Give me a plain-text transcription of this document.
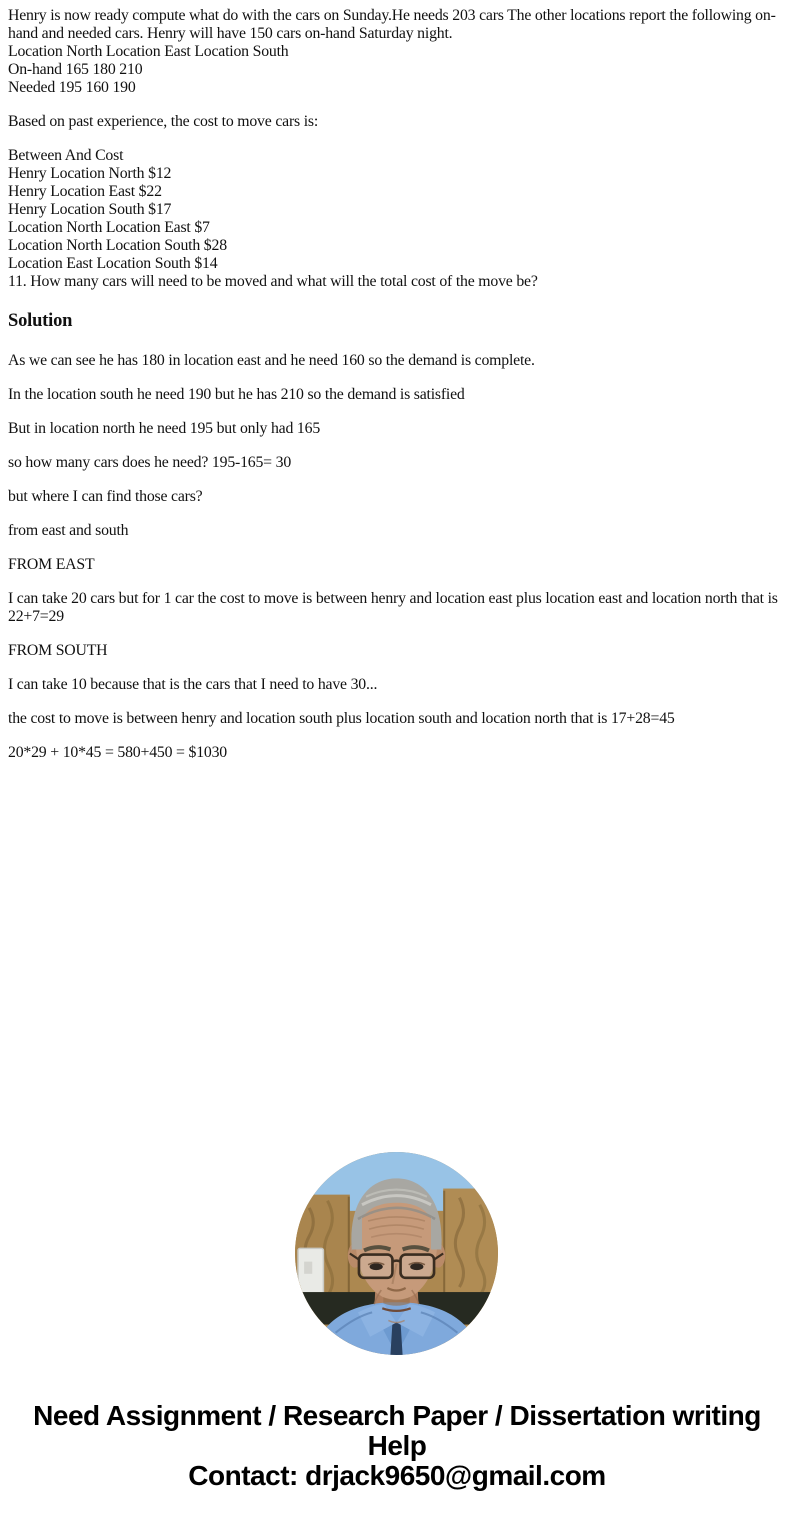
Henry is now ready compute what do with the cars on Sunday.He needs 203 cars The other locations report the following on-hand and needed cars. Henry will have 150 cars on-hand Saturday night.
Location North Location East Location South
On-hand 165 180 210
Needed 195 160 190
Based on past experience, the cost to move cars is:
Between And Cost
Henry Location North $12
Henry Location East $22
Henry Location South $17
Location North Location East $7
Location North Location South $28
Location East Location South $14
11. How many cars will need to be moved and what will the total cost of the move be?
Solution
As we can see he has 180 in location east and he need 160 so the demand is complete.
In the location south he need 190 but he has 210 so the demand is satisfied
But in location north he need 195 but only had 165
so how many cars does he need? 195-165= 30
but where I can find those cars?
from east and south
FROM EAST
I can take 20 cars but for 1 car the cost to move is between henry and location east plus location east and location north that is 22+7=29
FROM SOUTH
I can take 10 because that is the cars that I need to have 30...
the cost to move is between henry and location south plus location south and location north that is 17+28=45
20*29 + 10*45 = 580+450 = $1030
Need Assignment / Research Paper / Dissertation writing Help
Contact: drjack9650@gmail.com
